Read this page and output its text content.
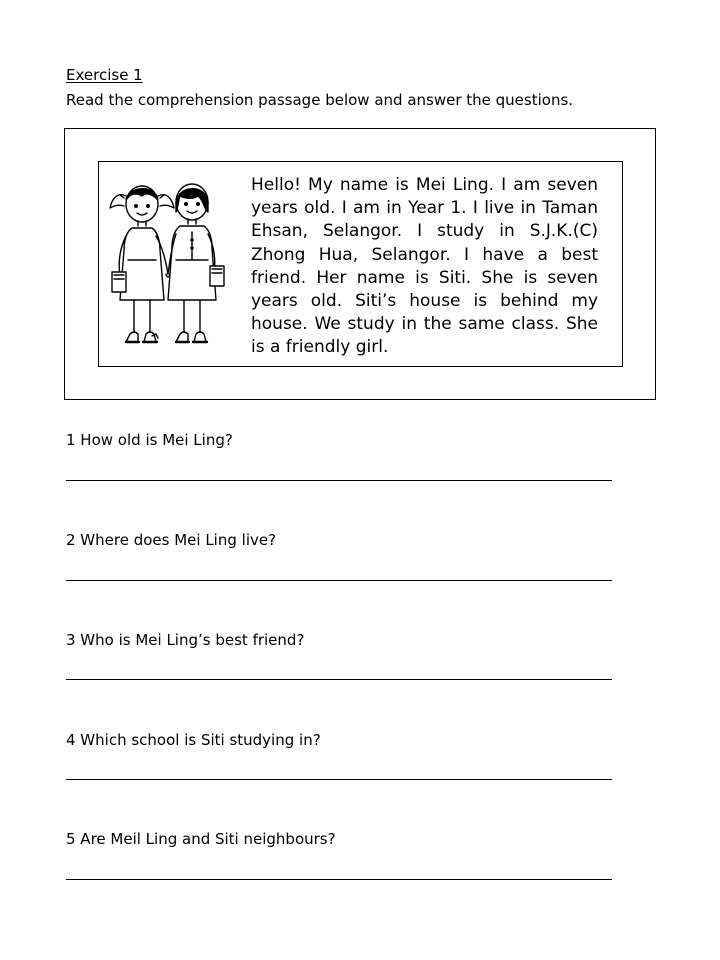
Exercise 1

Read the comprehension passage below and answer the questions.

Hello! My name is Mei Ling. I am seven years old. I am in Year 1. I live in Taman Ehsan, Selangor. I study in S.J.K.(C) Zhong Hua, Selangor. I have a best friend. Her name is Siti. She is seven years old. Siti’s house is behind my house. We study in the same class. She is a friendly girl.

1 How old is Mei Ling?

2 Where does Mei Ling live?

3 Who is Mei Ling’s best friend?

4 Which school is Siti studying in?

5 Are Meil Ling and Siti neighbours?
